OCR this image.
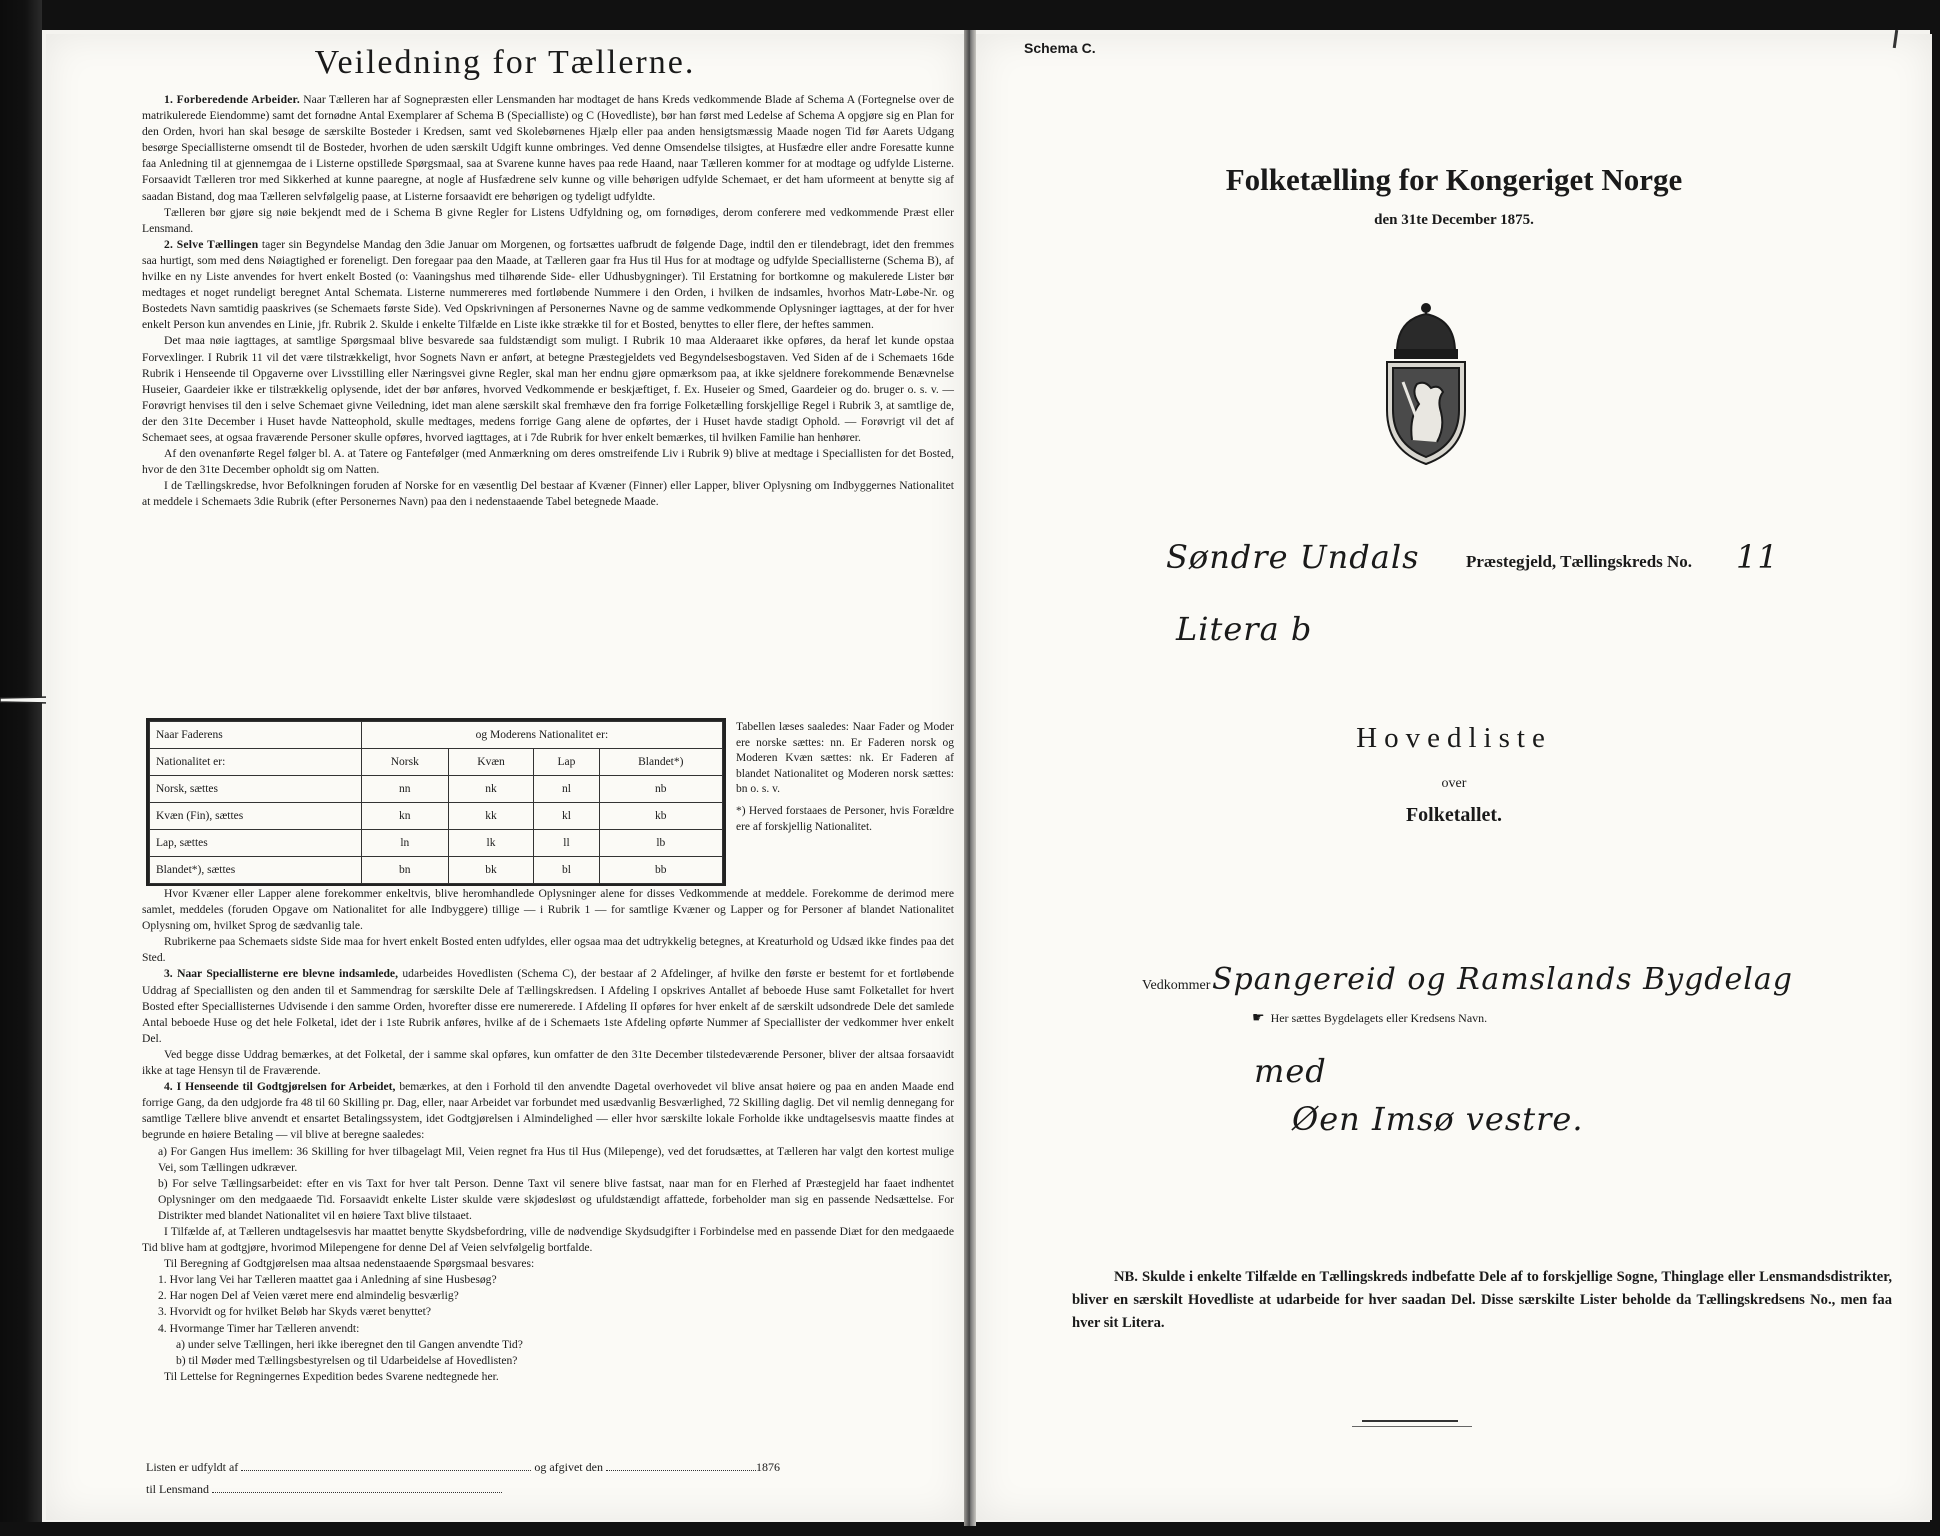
Veiledning for Tællerne.

1. Forberedende Arbeider. Naar Tælleren har af Sognepræsten eller Lensmanden har modtaget de hans Kreds vedkommende Blade af Schema A (Fortegnelse over de matrikulerede Eiendomme) samt det fornødne Antal Exemplarer af Schema B (Specialliste) og C (Hovedliste), bør han først med Ledelse af Schema A opgjøre sig en Plan for den Orden, hvori han skal besøge de særskilte Bosteder i Kredsen, samt ved Skolebørnenes Hjælp eller paa anden hensigtsmæssig Maade nogen Tid før Aarets Udgang besørge Speciallisterne omsendt til de Bosteder, hvorhen de uden særskilt Udgift kunne ombringes. Ved denne Omsendelse tilsigtes, at Husfædre eller andre Foresatte kunne faa Anledning til at gjennemgaa de i Listerne opstillede Spørgsmaal, saa at Svarene kunne haves paa rede Haand, naar Tælleren kommer for at modtage og udfylde Listerne. Forsaavidt Tælleren tror med Sikkerhed at kunne paaregne, at nogle af Husfædrene selv kunne og ville behørigen udfylde Schemaet, er det ham uformeent at benytte sig af saadan Bistand, dog maa Tælleren selvfølgelig paase, at Listerne forsaavidt ere behørigen og tydeligt udfyldte.

Tælleren bør gjøre sig nøie bekjendt med de i Schema B givne Regler for Listens Udfyldning og, om fornødiges, derom conferere med vedkommende Præst eller Lensmand.

2. Selve Tællingen tager sin Begyndelse Mandag den 3die Januar om Morgenen, og fortsættes uafbrudt de følgende Dage, indtil den er tilendebragt, idet den fremmes saa hurtigt, som med dens Nøiagtighed er foreneligt. Den foregaar paa den Maade, at Tælleren gaar fra Hus til Hus for at modtage og udfylde Speciallisterne (Schema B), af hvilke en ny Liste anvendes for hvert enkelt Bosted (o: Vaaningshus med tilhørende Side- eller Udhusbygninger). Til Erstatning for bortkomne og makulerede Lister bør medtages et noget rundeligt beregnet Antal Schemata. Listerne nummereres med fortløbende Nummere i den Orden, i hvilken de indsamles, hvorhos Matr-Løbe-Nr. og Bostedets Navn samtidig paaskrives (se Schemaets første Side). Ved Opskrivningen af Personernes Navne og de samme vedkommende Oplysninger iagttages, at der for hver enkelt Person kun anvendes en Linie, jfr. Rubrik 2. Skulde i enkelte Tilfælde en Liste ikke strække til for et Bosted, benyttes to eller flere, der heftes sammen.

Det maa nøie iagttages, at samtlige Spørgsmaal blive besvarede saa fuldstændigt som muligt. I Rubrik 10 maa Alderaaret ikke opføres, da heraf let kunde opstaa Forvexlinger. I Rubrik 11 vil det være tilstrækkeligt, hvor Sognets Navn er anført, at betegne Præstegjeldets ved Begyndelsesbogstaven. Ved Siden af de i Schemaets 16de Rubrik i Henseende til Opgaverne over Livsstilling eller Næringsvei givne Regler, skal man her endnu gjøre opmærksom paa, at ikke sjeldnere forekommende Benævnelse Huseier, Gaardeier ikke er tilstrækkelig oplysende, idet der bør anføres, hvorved Vedkommende er beskjæftiget, f. Ex. Huseier og Smed, Gaardeier og do. bruger o. s. v. — Forøvrigt henvises til den i selve Schemaet givne Veiledning, idet man alene særskilt skal fremhæve den fra forrige Folketælling forskjellige Regel i Rubrik 3, at samtlige de, der den 31te December i Huset havde Natteophold, skulle medtages, medens forrige Gang alene de opførtes, der i Huset havde stadigt Ophold. — Forøvrigt vil det af Schemaet sees, at ogsaa fraværende Personer skulle opføres, hvorved iagttages, at i 7de Rubrik for hver enkelt bemærkes, til hvilken Familie han henhører.

Af den ovenanførte Regel følger bl. A. at Tatere og Fantefølger (med Anmærkning om deres omstreifende Liv i Rubrik 9) blive at medtage i Speciallisten for det Bosted, hvor de den 31te December opholdt sig om Natten.

I de Tællingskredse, hvor Befolkningen foruden af Norske for en væsentlig Del bestaar af Kvæner (Finner) eller Lapper, bliver Oplysning om Indbyggernes Nationalitet at meddele i Schemaets 3die Rubrik (efter Personernes Navn) paa den i nedenstaaende Tabel betegnede Maade.

Naar Faderens	og Moderens Nationalitet er:			
Nationalitet er:	Norsk	Kvæn	Lap	Blandet*)
Norsk, sættes	nn	nk	nl	nb
Kvæn (Fin), sættes	kn	kk	kl	kb
Lap, sættes	ln	lk	ll	lb
Blandet*), sættes	bn	bk	bl	bb

Tabellen læses saaledes: Naar Fader og Moder ere norske sættes: nn. Er Faderen norsk og Moderen Kvæn sættes: nk. Er Faderen af blandet Nationalitet og Moderen norsk sættes: bn o. s. v.

*) Herved forstaaes de Personer, hvis Forældre ere af forskjellig Nationalitet.

Hvor Kvæner eller Lapper alene forekommer enkeltvis, blive heromhandlede Oplysninger alene for disses Vedkommende at meddele. Forekomme de derimod mere samlet, meddeles (foruden Opgave om Nationalitet for alle Indbyggere) tillige — i Rubrik 1 — for samtlige Kvæner og Lapper og for Personer af blandet Nationalitet Oplysning om, hvilket Sprog de sædvanlig tale.

Rubrikerne paa Schemaets sidste Side maa for hvert enkelt Bosted enten udfyldes, eller ogsaa maa det udtrykkelig betegnes, at Kreaturhold og Udsæd ikke findes paa det Sted.

3. Naar Speciallisterne ere blevne indsamlede, udarbeides Hovedlisten (Schema C), der bestaar af 2 Afdelinger, af hvilke den første er bestemt for et fortløbende Uddrag af Speciallisten og den anden til et Sammendrag for særskilte Dele af Tællingskredsen. I Afdeling I opskrives Antallet af beboede Huse samt Folketallet for hvert Bosted efter Speciallisternes Udvisende i den samme Orden, hvorefter disse ere numererede. I Afdeling II opføres for hver enkelt af de særskilt udsondrede Dele det samlede Antal beboede Huse og det hele Folketal, idet der i 1ste Rubrik anføres, hvilke af de i Schemaets 1ste Afdeling opførte Nummer af Speciallister der vedkommer hver enkelt Del.

Ved begge disse Uddrag bemærkes, at det Folketal, der i samme skal opføres, kun omfatter de den 31te December tilstedeværende Personer, bliver der altsaa forsaavidt ikke at tage Hensyn til de Fraværende.

4. I Henseende til Godtgjørelsen for Arbeidet, bemærkes, at den i Forhold til den anvendte Dagetal overhovedet vil blive ansat høiere og paa en anden Maade end forrige Gang, da den udgjorde fra 48 til 60 Skilling pr. Dag, eller, naar Arbeidet var forbundet med usædvanlig Besværlighed, 72 Skilling daglig. Det vil nemlig dennegang for samtlige Tællere blive anvendt et ensartet Betalingssystem, idet Godtgjørelsen i Almindelighed — eller hvor særskilte lokale Forholde ikke undtagelsesvis maatte findes at begrunde en høiere Betaling — vil blive at beregne saaledes:

a) For Gangen Hus imellem: 36 Skilling for hver tilbagelagt Mil, Veien regnet fra Hus til Hus (Milepenge), ved det forudsættes, at Tælleren har valgt den kortest mulige Vei, som Tællingen udkræver.

b) For selve Tællingsarbeidet: efter en vis Taxt for hver talt Person. Denne Taxt vil senere blive fastsat, naar man for en Flerhed af Præstegjeld har faaet indhentet Oplysninger om den medgaaede Tid. Forsaavidt enkelte Lister skulde være skjødesløst og ufuldstændigt affattede, forbeholder man sig en passende Nedsættelse. For Distrikter med blandet Nationalitet vil en høiere Taxt blive tilstaaet.

I Tilfælde af, at Tælleren undtagelsesvis har maattet benytte Skydsbefordring, ville de nødvendige Skydsudgifter i Forbindelse med en passende Diæt for den medgaaede Tid blive ham at godtgjøre, hvorimod Milepengene for denne Del af Veien selvfølgelig bortfalde.

Til Beregning af Godtgjørelsen maa altsaa nedenstaaende Spørgsmaal besvares:

1. Hvor lang Vei har Tælleren maattet gaa i Anledning af sine Husbesøg?
2. Har nogen Del af Veien været mere end almindelig besværlig?
3. Hvorvidt og for hvilket Beløb har Skyds været benyttet?
4. Hvormange Timer har Tælleren anvendt:
a) under selve Tællingen, heri ikke iberegnet den til Gangen anvendte Tid?
b) til Møder med Tællingsbestyrelsen og til Udarbeidelse af Hovedlisten?
Til Lettelse for Regningernes Expedition bedes Svarene nedtegnede her.
Listen er udfyldt af	og afgivet den	1876
til Lensmand

Schema C.

Folketælling for Kongeriget Norge

den 31te December 1875.

Søndre Undals	Præstegjeld, Tællingskreds No. 11
Litera b
Hovedliste

over

Folketallet.

Vedkommer Spangereid og Ramslands Bygdelag
☛ Her sættes Bygdelagets eller Kredsens Navn.
med
Øen Imsø vestre.

NB. Skulde i enkelte Tilfælde en Tællingskreds indbefatte Dele af to forskjellige Sogne, Thinglage eller Lensmandsdistrikter, bliver en særskilt Hovedliste at udarbeide for hver saadan Del. Disse særskilte Lister beholde da Tællingskredsens No., men faa hver sit Litera.
